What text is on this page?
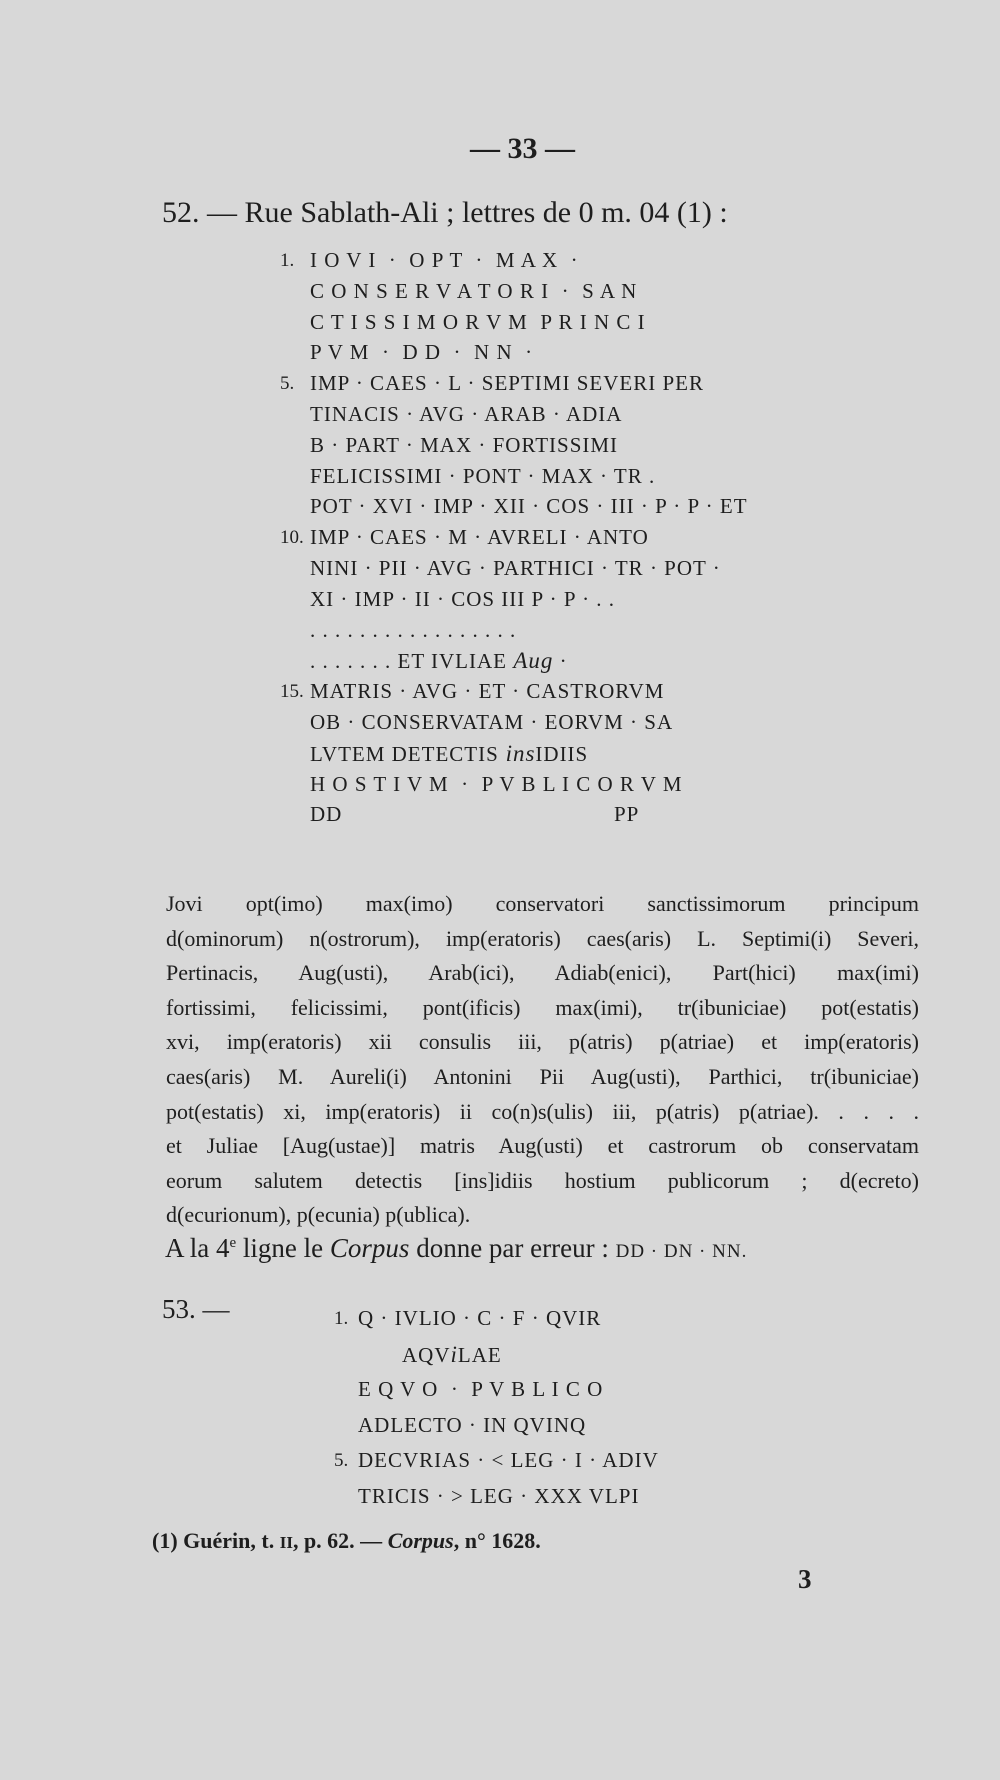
— 33 —
52. — Rue Sablath-Ali ; lettres de 0 m. 04 (1) :
1. I O V I  ·  O P T  ·  M A X  ·
C O N S E R V A T O R I  ·  S A N
C T I S S I M O R V M  P R I N C I
P V M  ·  D D  ·  N N  ·
5. IMP · CAES · L · SEPTIMI SEVERI PER
TINACIS · AVG · ARAB · ADIA
B · PART · MAX · FORTISSIMI
FELICISSIMI · PONT · MAX · TR .
POT · XVI · IMP · XII · COS · III · P · P · ET
10. IMP · CAES · M · AVRELI · ANTO
NINI · PII · AVG · PARTHICI · TR · POT ·
XI · IMP · II · COS III P · P · . .
. . . . . . . . . . . . . . . . .
. . . . . . . ET IVLIAE Aug ·
15. MATRIS · AVG · ET · CASTRORVM
OB · CONSERVATAM · EORVM · SA
LVTEM DETECTIS insIDIIS
H O S T I V M  ·  P V B L I C O R V M
DD	PP
Jovi opt(imo) max(imo) conservatori sanctissimorum principum
d(ominorum) n(ostrorum), imp(eratoris) caes(aris) L. Septimi(i) Severi,
Pertinacis, Aug(usti), Arab(ici), Adiab(enici), Part(hici) max(imi)
fortissimi, felicissimi, pont(ificis) max(imi), tr(ibuniciae) pot(estatis)
xvi, imp(eratoris) xii consulis iii, p(atris) p(atriae) et imp(eratoris)
caes(aris) M. Aureli(i) Antonini Pii Aug(usti), Parthici, tr(ibuniciae)
pot(estatis) xi, imp(eratoris) ii co(n)s(ulis) iii, p(atris) p(atriae). . . . .
et Juliae [Aug(ustae)] matris Aug(usti) et castrorum ob conservatam
eorum salutem detectis [ins]idiis hostium publicorum ; d(ecreto)
d(ecurionum), p(ecunia) p(ublica).
A la 4e ligne le Corpus donne par erreur : DD · DN · NN.
53. —	1. Q · IVLIO · C · F · QVIR
AQViLAE
E Q V O  ·  P V B L I C O
ADLECTO · IN QVINQ
5. DECVRIAS · < LEG · I · ADIV
TRICIS · > LEG · XXX VLPI
(1) Guérin, t. II, p. 62. — Corpus, n° 1628.
3
